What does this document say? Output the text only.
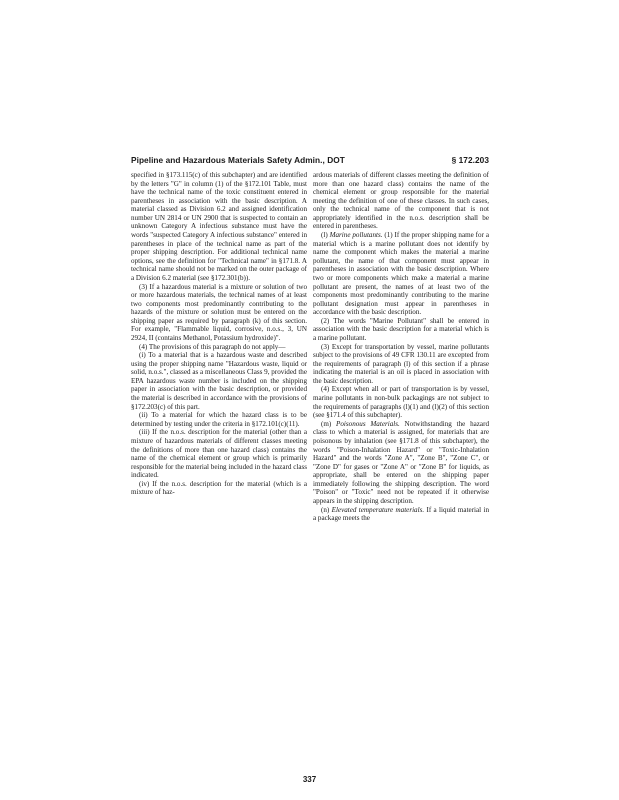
Pipeline and Hazardous Materials Safety Admin., DOT	§ 172.203

specified in §173.115(c) of this subchapter) and are identified by the letters "G" in column (1) of the §172.101 Table, must have the technical name of the toxic constituent entered in parentheses in association with the basic description. A material classed as Division 6.2 and assigned identification number UN 2814 or UN 2900 that is suspected to contain an unknown Category A infectious substance must have the words "suspected Category A infectious substance" entered in parentheses in place of the technical name as part of the proper shipping description. For additional technical name options, see the definition for "Technical name" in §171.8. A technical name should not be marked on the outer package of a Division 6.2 material (see §172.301(b)).

(3) If a hazardous material is a mixture or solution of two or more hazardous materials, the technical names of at least two components most predominantly contributing to the hazards of the mixture or solution must be entered on the shipping paper as required by paragraph (k) of this section. For example, "Flammable liquid, corrosive, n.o.s., 3, UN 2924, II (contains Methanol, Potassium hydroxide)".

(4) The provisions of this paragraph do not apply—

(i) To a material that is a hazardous waste and described using the proper shipping name "Hazardous waste, liquid or solid, n.o.s.", classed as a miscellaneous Class 9, provided the EPA hazardous waste number is included on the shipping paper in association with the basic description, or provided the material is described in accordance with the provisions of §172.203(c) of this part.

(ii) To a material for which the hazard class is to be determined by testing under the criteria in §172.101(c)(11).

(iii) If the n.o.s. description for the material (other than a mixture of hazardous materials of different classes meeting the definitions of more than one hazard class) contains the name of the chemical element or group which is primarily responsible for the material being included in the hazard class indicated.

(iv) If the n.o.s. description for the material (which is a mixture of haz-

ardous materials of different classes meeting the definition of more than one hazard class) contains the name of the chemical element or group responsible for the material meeting the definition of one of these classes. In such cases, only the technical name of the component that is not appropriately identified in the n.o.s. description shall be entered in parentheses.

(l) Marine pollutants. (1) If the proper shipping name for a material which is a marine pollutant does not identify by name the component which makes the material a marine pollutant, the name of that component must appear in parentheses in association with the basic description. Where two or more components which make a material a marine pollutant are present, the names of at least two of the components most predominantly contributing to the marine pollutant designation must appear in parentheses in accordance with the basic description.

(2) The words "Marine Pollutant" shall be entered in association with the basic description for a material which is a marine pollutant.

(3) Except for transportation by vessel, marine pollutants subject to the provisions of 49 CFR 130.11 are excepted from the requirements of paragraph (l) of this section if a phrase indicating the material is an oil is placed in association with the basic description.

(4) Except when all or part of transportation is by vessel, marine pollutants in non-bulk packagings are not subject to the requirements of paragraphs (l)(1) and (l)(2) of this section (see §171.4 of this subchapter).

(m) Poisonous Materials. Notwithstanding the hazard class to which a material is assigned, for materials that are poisonous by inhalation (see §171.8 of this subchapter), the words "Poison-Inhalation Hazard" or "Toxic-Inhalation Hazard" and the words "Zone A", "Zone B", "Zone C", or "Zone D" for gases or "Zone A" or "Zone B" for liquids, as appropriate, shall be entered on the shipping paper immediately following the shipping description. The word "Poison" or "Toxic" need not be repeated if it otherwise appears in the shipping description.

(n) Elevated temperature materials. If a liquid material in a package meets the

337
